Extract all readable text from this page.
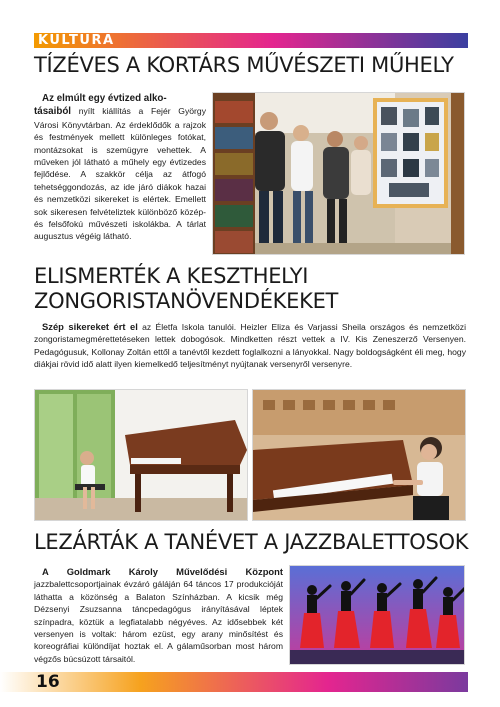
KULTÚRA
TÍZÉVES A KORTÁRS MŰVÉSZETI MŰHELY

Az elmúlt egy évtized alko-
tásaiból nyílt kiállítás a Fejér György Városi Könyvtárban. Az érdeklődők a rajzok és festmények mellett különleges fotókat, montázsokat is szemügyre vehettek. A műveken jól látható a műhely egy évtizedes fejlődése. A szakkör célja az átfogó tehetséggondozás, az ide járó diákok hazai és nemzetközi sikereket is elértek. Emellett sok sikeresen felvételiztek különböző közép- és felsőfokú művészeti iskolákba. A tárlat augusztus végéig látható.

ELISMERTÉK A KESZTHELYI
ZONGORISTANÖVENDÉKEKET

Szép sikereket ért el az Életfa Iskola tanulói. Heizler Eliza és Varjassi Sheila országos és nemzetközi zongoristamegmérettetéseken lettek dobogósok. Mindketten részt vettek a IV. Kis Zeneszerző Versenyen. Pedagógusuk, Kollonay Zoltán ettől a tanévtől kezdett foglalkozni a lányokkal. Nagy boldogságként éli meg, hogy diákjai rövid idő alatt ilyen kiemelkedő teljesítményt nyújtanak versenyről versenyre.

LEZÁRTÁK A TANÉVET A JAZZBALETTOSOK

A Goldmark Károly Művelődési Központ jazzbalettcsoportjainak évzáró gáláján 64 táncos 17 produkcióját láthatta a közönség a Balaton Színházban. A kicsik még Dézsenyi Zsuzsanna táncpedagógus irányításával léptek színpadra, köztük a legfiatalabb négyéves. Az idősebbek két versenyen is voltak: három ezüst, egy arany minősítést és koreográfiai különdíjat hoztak el. A gálaműsorban most három végzős búcsúzott társaitól.

16
